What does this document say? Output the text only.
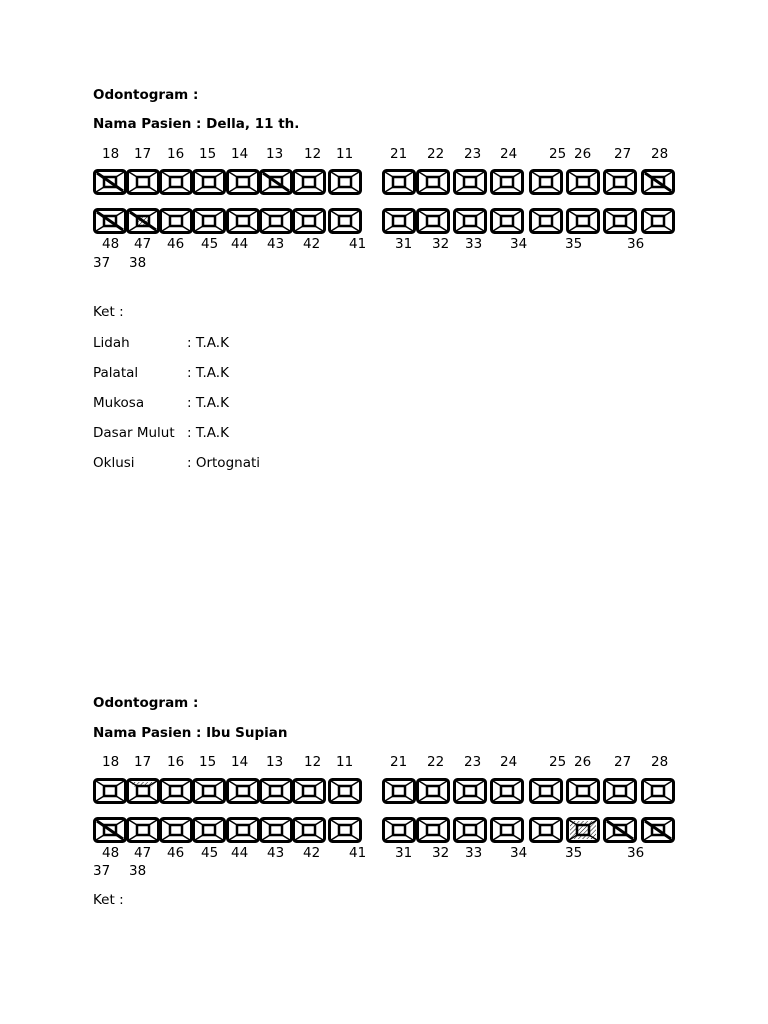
Odontogram :
Nama Pasien : Della, 11 th.
18 17 16 15 14 13 12 11	21 22 23 24 25 26 27 28
48 47 46 45 44 43 42 41 31 32 33 34	35	36
37 38
Ket :
Lidah	: T.A.K
Palatal	: T.A.K
Mukosa	: T.A.K
Dasar Mulut : T.A.K
Oklusi	: Ortognati
Odontogram :
Nama Pasien : Ibu Supian
18 17 16 15 14 13 12 11	21 22 23 24 25 26 27 28
48 47 46 45 44 43 42 41 31 32 33 34	35	36
37 38
Ket :
